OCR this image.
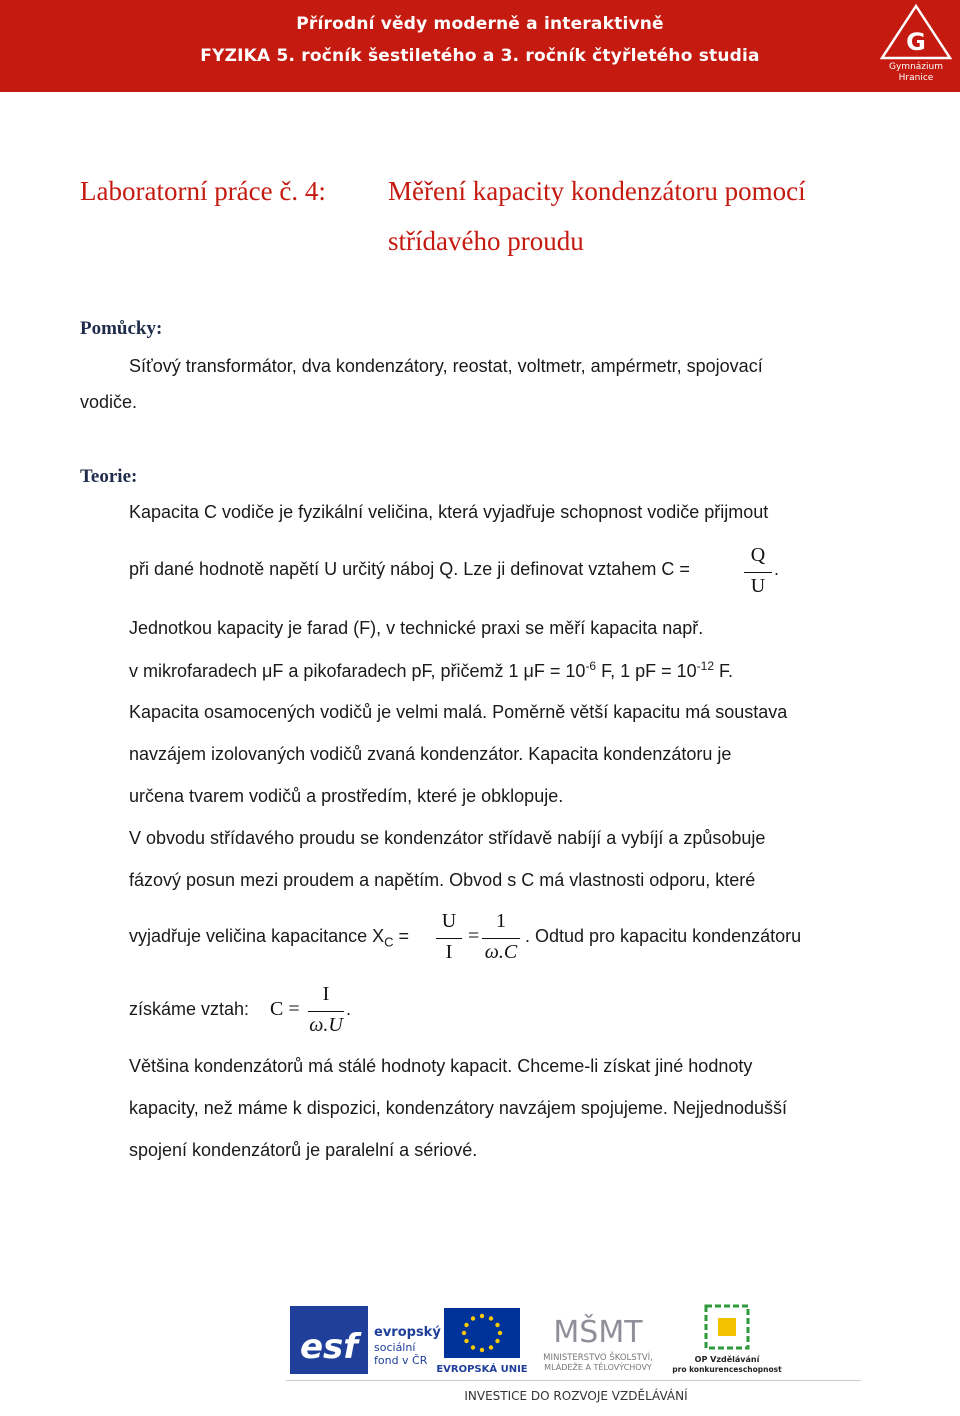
Přírodní vědy moderně a interaktivně
FYZIKA 5. ročník šestiletého a 3. ročník čtyřletého studia	G
Gymnázium
Hranice
Laboratorní práce č. 4: Měření kapacity kondenzátoru pomocí
střídavého proudu
Pomůcky:
Síťový transformátor, dva kondenzátory, reostat, voltmetr, ampérmetr, spojovací
vodiče.
Teorie:
Kapacita C vodiče je fyzikální veličina, která vyjadřuje schopnost vodiče přijmout
při dané hodnotě napětí U určitý náboj Q. Lze ji definovat vztahem C =
Q
U
.
Jednotkou kapacity je farad (F), v technické praxi se měří kapacita např.
v mikrofaradech μF a pikofaradech pF, přičemž 1 $\mu F = 10^{-6}$ F, 1 pF = $10^{-12}$ F.
Kapacita osamocených vodičů je velmi malá. Poměrně větší kapacitu má soustava
navzájem izolovaných vodičů zvaná kondenzátor. Kapacita kondenzátoru je
určena tvarem vodičů a prostředím, které je obklopuje.
V obvodu střídavého proudu se kondenzátor střídavě nabíjí a vybíjí a způsobuje
fázový posun mezi proudem a napětím. Obvod s C má vlastnosti odporu, které
vyjadřuje veličina kapacitance $X_C$ =
U
I
=
1
ω.C
. Odtud pro kapacitu kondenzátoru
získáme vztah: C =
I
ω.U
.
Většina kondenzátorů má stálé hodnoty kapacit. Chceme-li získat jiné hodnoty
kapacity, než máme k dispozici, kondenzátory navzájem spojujeme. Nejjednodušší
spojení kondenzátorů je paralelní a sériové.
esf	evropský
sociální
fond v ČR
EVROPSKÁ UNIE
MŠMT
MINISTERSTVO ŠKOLSTVÍ,
MLÁDEŽE A TĚLOVÝCHOVY
OP Vzdělávání
pro konkurenceschopnost
INVESTICE DO ROZVOJE VZDĚLÁVÁNÍ
